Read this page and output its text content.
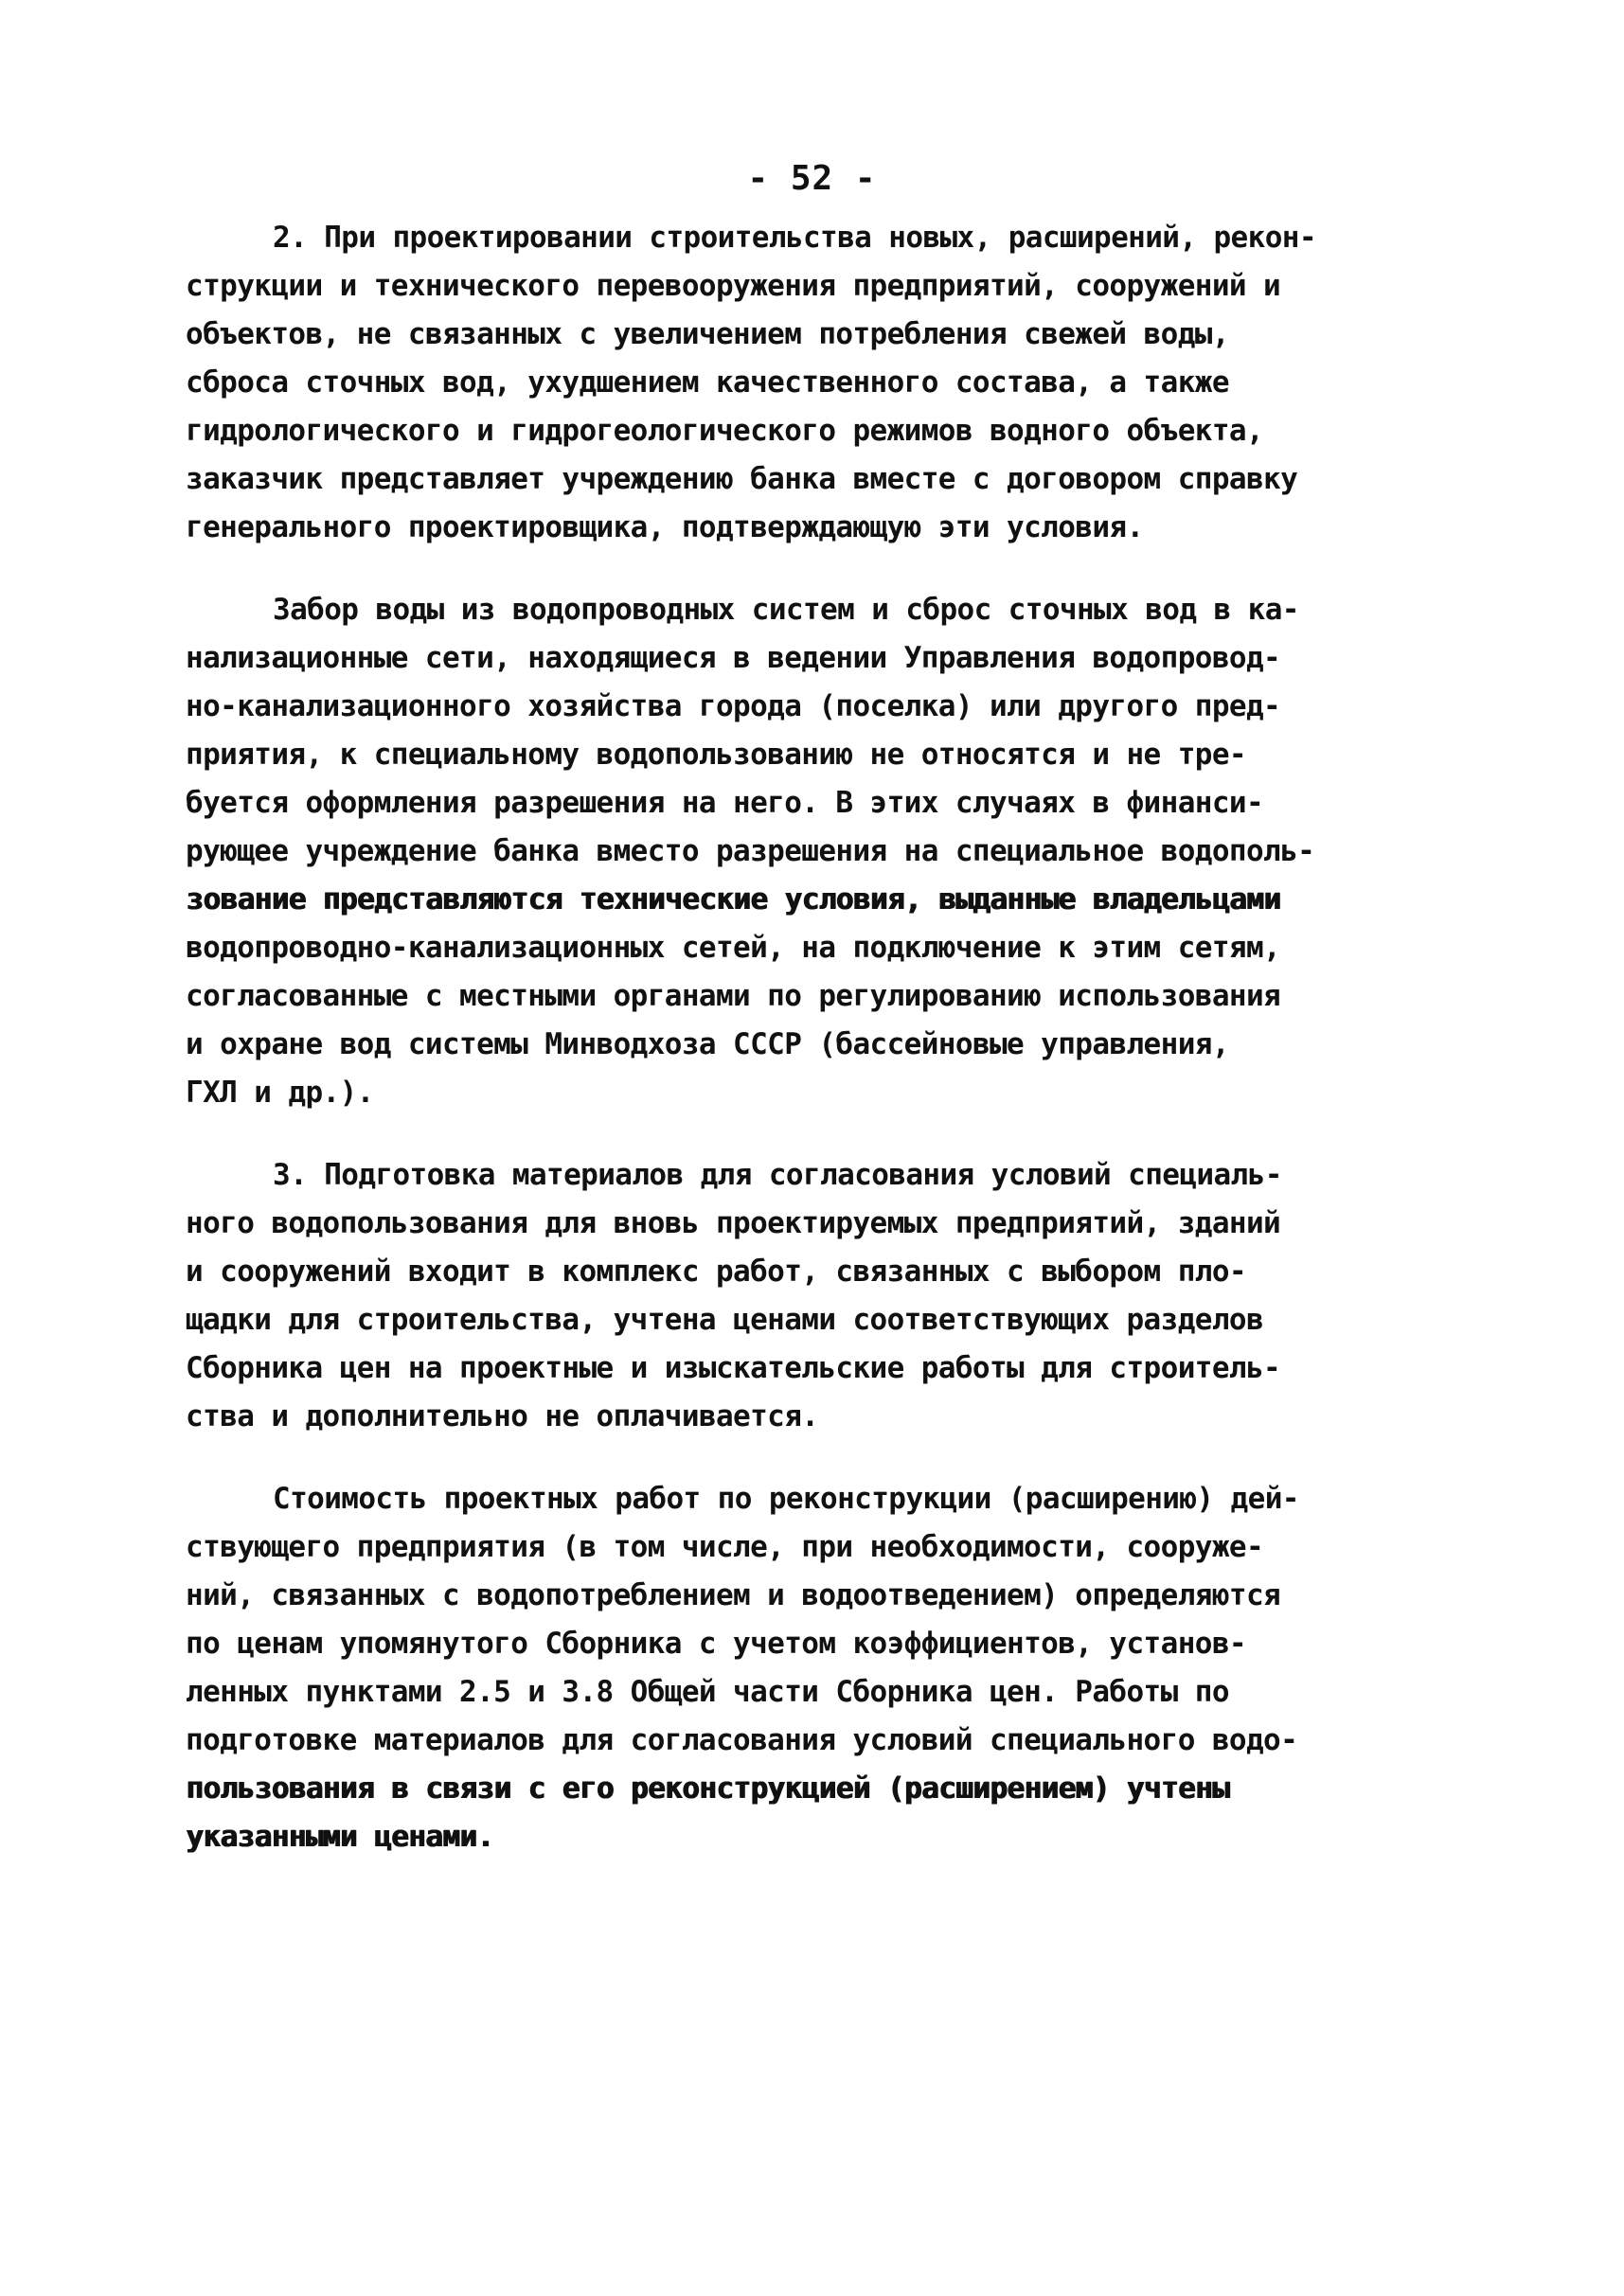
- 52 -
2. При проектировании строительства новых, расширений, рекон-
струкции и технического перевооружения предприятий, сооружений и
объектов, не связанных с увеличением потребления свежей воды,
сброса сточных вод, ухудшением качественного состава, а также
гидрологического и гидрогеологического режимов водного объекта,
заказчик представляет учреждению банка вместе с договором справку
генерального проектировщика, подтверждающую эти условия.
Забор воды из водопроводных систем и сброс сточных вод в ка-
нализационные сети, находящиеся в ведении Управления водопровод-
но-канализационного хозяйства города (поселка) или другого пред-
приятия, к специальному водопользованию не относятся и не тре-
буется оформления разрешения на него. В этих случаях в финанси-
рующее учреждение банка вместо разрешения на специальное водополь-
зование представляются технические условия, выданные владельцами
водопроводно-канализационных сетей, на подключение к этим сетям,
согласованные с местными органами по регулированию использования
и охране вод системы Минводхоза СССР (бассейновые управления,
ГХЛ и др.).
3. Подготовка материалов для согласования условий специаль-
ного водопользования для вновь проектируемых предприятий, зданий
и сооружений входит в комплекс работ, связанных с выбором пло-
щадки для строительства, учтена ценами соответствующих разделов
Сборника цен на проектные и изыскательские работы для строитель-
ства и дополнительно не оплачивается.
Стоимость проектных работ по реконструкции (расширению) дей-
ствующего предприятия (в том числе, при необходимости, сооруже-
ний, связанных с водопотреблением и водоотведением) определяются
по ценам упомянутого Сборника с учетом коэффициентов, установ-
ленных пунктами 2.5 и 3.8 Общей части Сборника цен. Работы по
подготовке материалов для согласования условий специального водо-
пользования в связи с его реконструкцией (расширением) учтены
указанными ценами.
